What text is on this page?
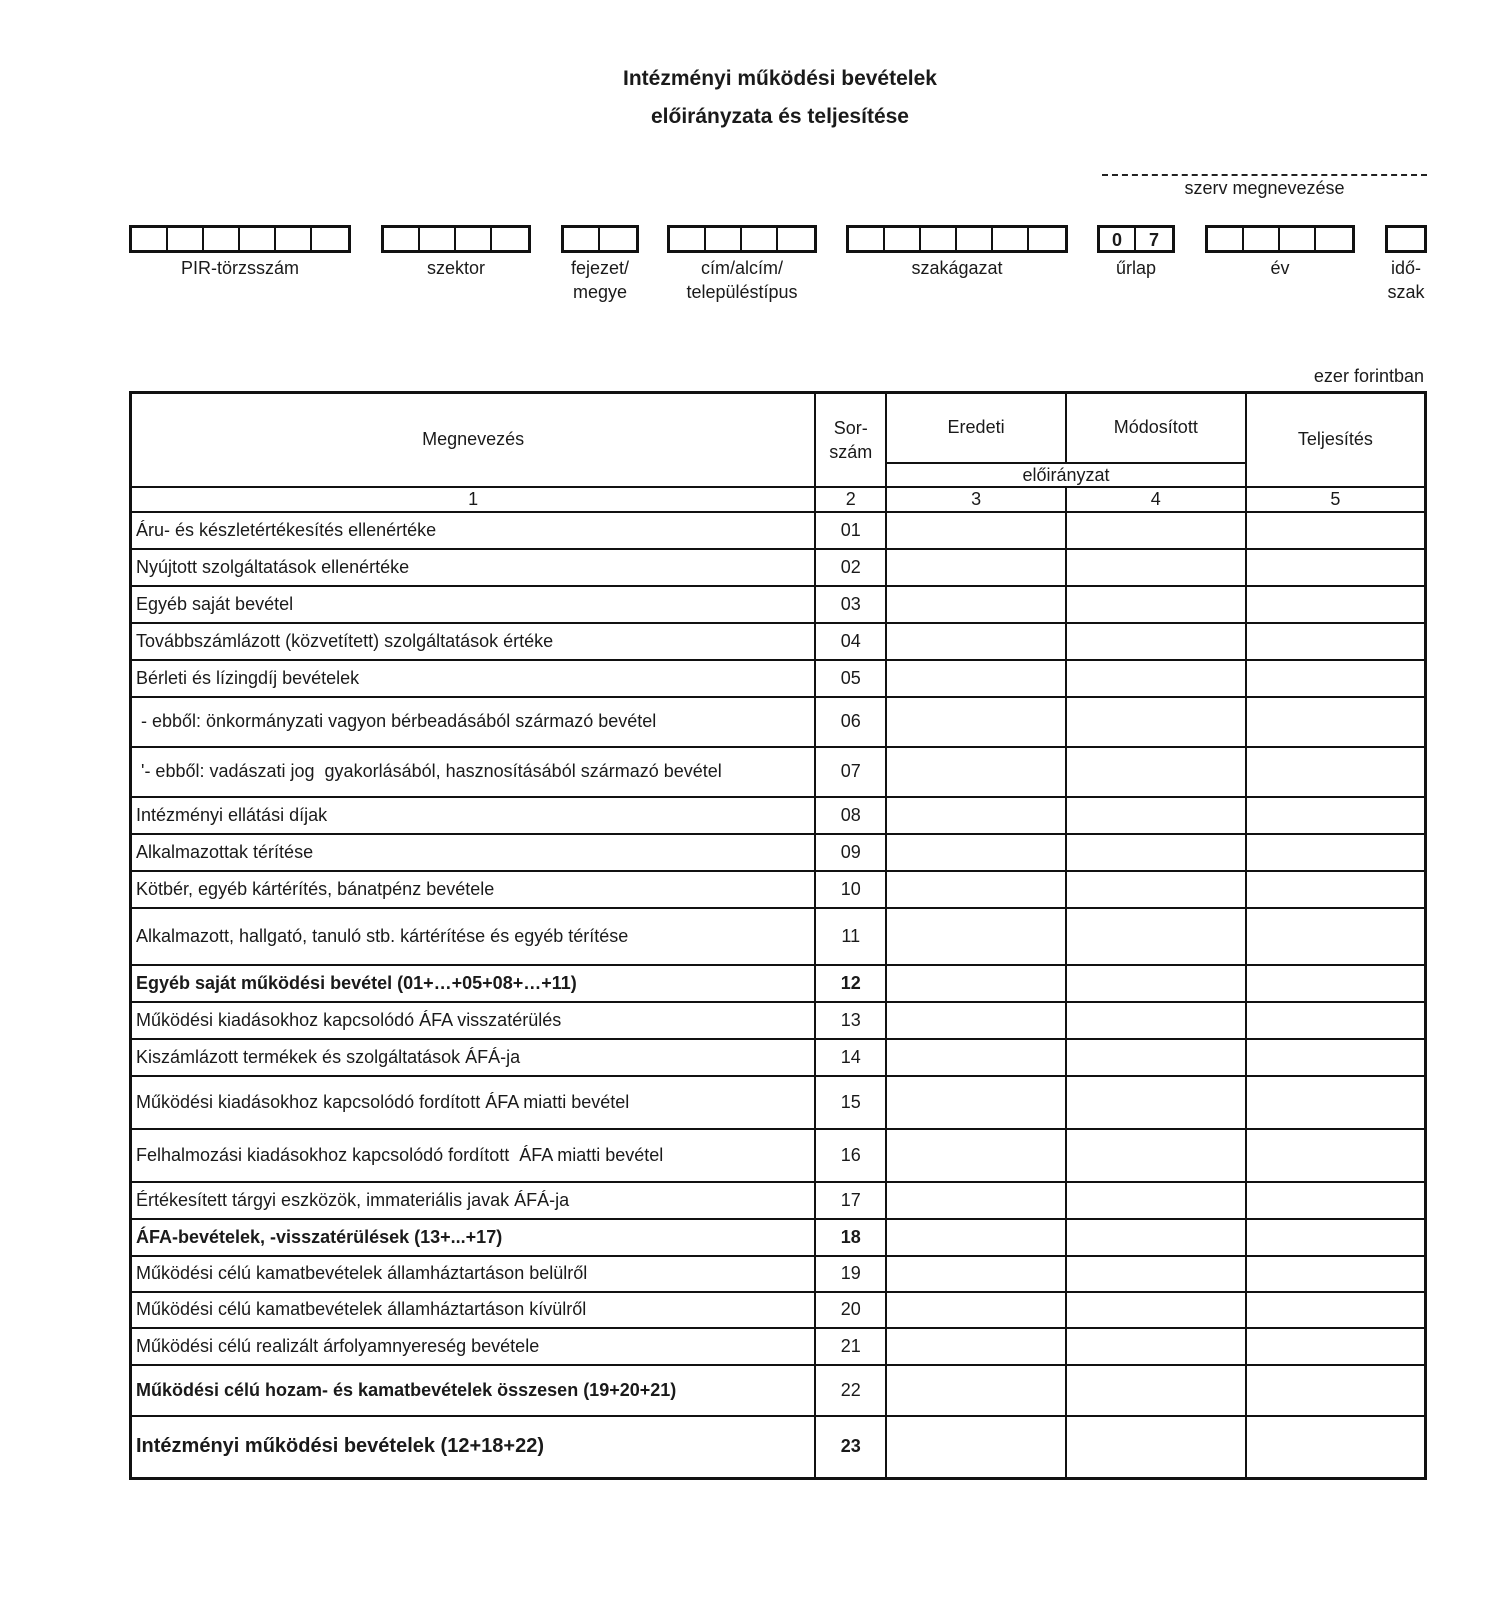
Intézményi működési bevételek
előirányzata és teljesítése
szerv megnevezése
PIR-törzsszám	szektor	fejezet/
megye
cím/alcím/
településtípus
szakágazat
0	7
űrlap	év	idő-
szak
ezer forintban
Megnevezés	Sor-
szám	Eredeti	Módosított	Teljesítés
		előirányzat		
1	2	3	4	5
Áru- és készletértékesítés ellenértéke	01			
Nyújtott szolgáltatások ellenértéke	02			
Egyéb saját bevétel	03			
Továbbszámlázott (közvetített) szolgáltatások értéke	04			
Bérleti és lízingdíj bevételek	05			
- ebből: önkormányzati vagyon bérbeadásából származó bevétel	06			
'- ebből: vadászati jog  gyakorlásából, hasznosításából származó bevétel	07			
Intézményi ellátási díjak	08			
Alkalmazottak térítése	09			
Kötbér, egyéb kártérítés, bánatpénz bevétele	10			
Alkalmazott, hallgató, tanuló stb. kártérítése és egyéb térítése	11			
Egyéb saját működési bevétel (01+…+05+08+…+11)	12			
Működési kiadásokhoz kapcsolódó ÁFA visszatérülés	13			
Kiszámlázott termékek és szolgáltatások ÁFÁ-ja	14			
Működési kiadásokhoz kapcsolódó fordított ÁFA miatti bevétel	15			
Felhalmozási kiadásokhoz kapcsolódó fordított  ÁFA miatti bevétel	16			
Értékesített tárgyi eszközök, immateriális javak ÁFÁ-ja	17			
ÁFA-bevételek, -visszatérülések (13+...+17)	18			
Működési célú kamatbevételek államháztartáson belülről	19			
Működési célú kamatbevételek államháztartáson kívülről	20			
Működési célú realizált árfolyamnyereség bevétele	21			
Működési célú hozam- és kamatbevételek összesen (19+20+21)	22			
Intézményi működési bevételek (12+18+22)	23			
